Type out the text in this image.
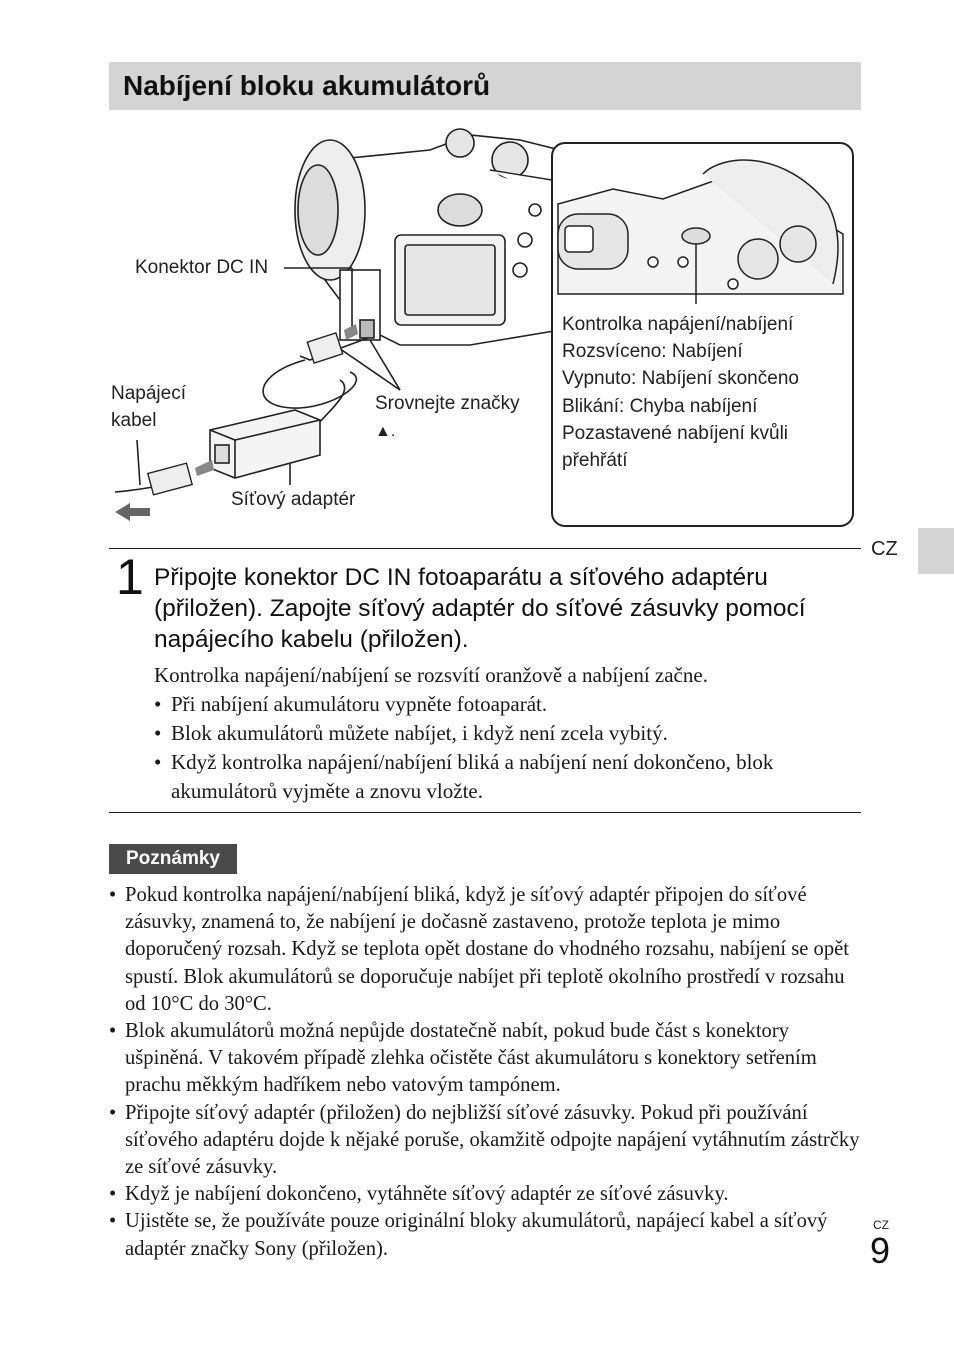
Nabíjení bloku akumulátorů
Kontrolka napájení/nabíjení
Rozsvíceno: Nabíjení
Vypnuto: Nabíjení skončeno
Blikání: Chyba nabíjení
Pozastavené nabíjení kvůli
přehřátí
Konektor DC IN
Napájecí
kabel
Srovnejte značky
▲.
Síťový adaptér
CZ
1 Připojte konektor DC IN fotoaparátu a síťového adaptéru (přiložen). Zapojte síťový adaptér do síťové zásuvky pomocí napájecího kabelu (přiložen).

Kontrolka napájení/nabíjení se rozsvítí oranžově a nabíjení začne.

• Při nabíjení akumulátoru vypněte fotoaparát.
• Blok akumulátorů můžete nabíjet, i když není zcela vybitý.
• Když kontrolka napájení/nabíjení bliká a nabíjení není dokončeno, blok akumulátorů vyjměte a znovu vložte.
Poznámky
• Pokud kontrolka napájení/nabíjení bliká, když je síťový adaptér připojen do síťové zásuvky, znamená to, že nabíjení je dočasně zastaveno, protože teplota je mimo doporučený rozsah. Když se teplota opět dostane do vhodného rozsahu, nabíjení se opět spustí. Blok akumulátorů se doporučuje nabíjet při teplotě okolního prostředí v rozsahu od 10°C do 30°C.
• Blok akumulátorů možná nepůjde dostatečně nabít, pokud bude část s konektory ušpiněná. V takovém případě zlehka očistěte část akumulátoru s konektory setřením prachu měkkým hadříkem nebo vatovým tampónem.
• Připojte síťový adaptér (přiložen) do nejbližší síťové zásuvky. Pokud při používání síťového adaptéru dojde k nějaké poruše, okamžitě odpojte napájení vytáhnutím zástrčky ze síťové zásuvky.
• Když je nabíjení dokončeno, vytáhněte síťový adaptér ze síťové zásuvky.
• Ujistěte se, že používáte pouze originální bloky akumulátorů, napájecí kabel a síťový adaptér značky Sony (přiložen).
CZ
9
